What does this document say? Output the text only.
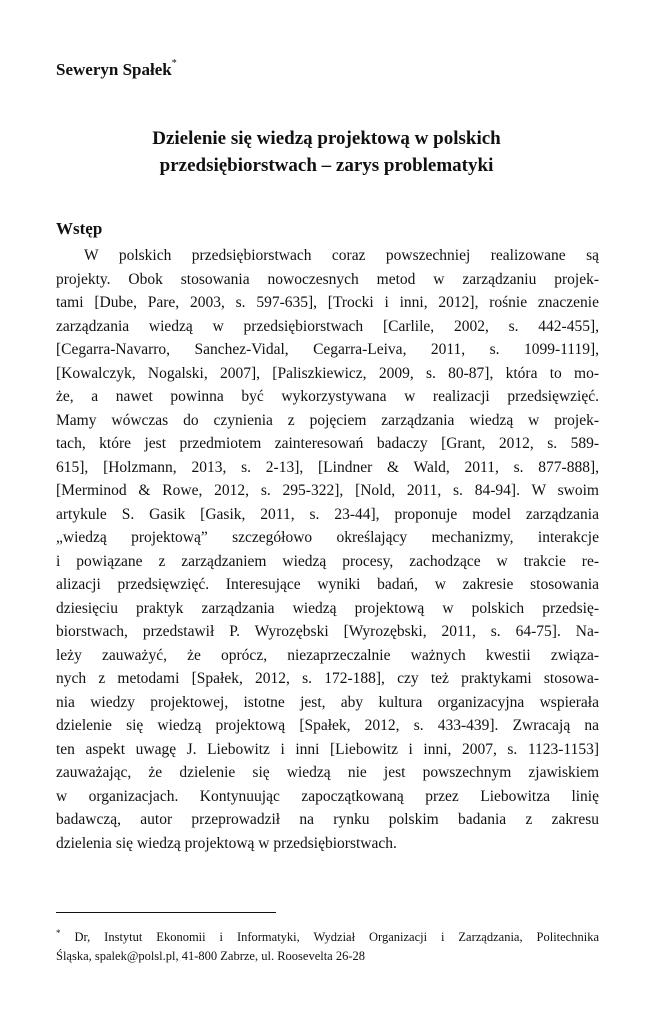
Seweryn Spałek*
Dzielenie się wiedzą projektową w polskich
przedsiębiorstwach – zarys problematyki
Wstęp
W polskich przedsiębiorstwach coraz powszechniej realizowane są
projekty. Obok stosowania nowoczesnych metod w zarządzaniu projek-
tami [Dube, Pare, 2003, s. 597-635], [Trocki i inni, 2012], rośnie znaczenie
zarządzania wiedzą w przedsiębiorstwach [Carlile, 2002, s. 442-455],
[Cegarra-Navarro, Sanchez-Vidal, Cegarra-Leiva, 2011, s. 1099-1119],
[Kowalczyk, Nogalski, 2007], [Paliszkiewicz, 2009, s. 80-87], która to mo-
że, a nawet powinna być wykorzystywana w realizacji przedsięwzięć.
Mamy wówczas do czynienia z pojęciem zarządzania wiedzą w projek-
tach, które jest przedmiotem zainteresowań badaczy [Grant, 2012, s. 589-
615], [Holzmann, 2013, s. 2-13], [Lindner & Wald, 2011, s. 877-888],
[Merminod & Rowe, 2012, s. 295-322], [Nold, 2011, s. 84-94]. W swoim
artykule S. Gasik [Gasik, 2011, s. 23-44], proponuje model zarządzania
„wiedzą projektową” szczegółowo określający mechanizmy, interakcje
i powiązane z zarządzaniem wiedzą procesy, zachodzące w trakcie re-
alizacji przedsięwzięć. Interesujące wyniki badań, w zakresie stosowania
dziesięciu praktyk zarządzania wiedzą projektową w polskich przedsię-
biorstwach, przedstawił P. Wyrozębski [Wyrozębski, 2011, s. 64-75]. Na-
leży zauważyć, że oprócz, niezaprzeczalnie ważnych kwestii związa-
nych z metodami [Spałek, 2012, s. 172-188], czy też praktykami stosowa-
nia wiedzy projektowej, istotne jest, aby kultura organizacyjna wspierała
dzielenie się wiedzą projektową [Spałek, 2012, s. 433-439]. Zwracają na
ten aspekt uwagę J. Liebowitz i inni [Liebowitz i inni, 2007, s. 1123-1153]
zauważając, że dzielenie się wiedzą nie jest powszechnym zjawiskiem
w organizacjach. Kontynuując zapoczątkowaną przez Liebowitza linię
badawczą, autor przeprowadził na rynku polskim badania z zakresu
dzielenia się wiedzą projektową w przedsiębiorstwach.
* Dr, Instytut Ekonomii i Informatyki, Wydział Organizacji i Zarządzania, Politechnika
Śląska, spalek@polsl.pl, 41-800 Zabrze, ul. Roosevelta 26-28
